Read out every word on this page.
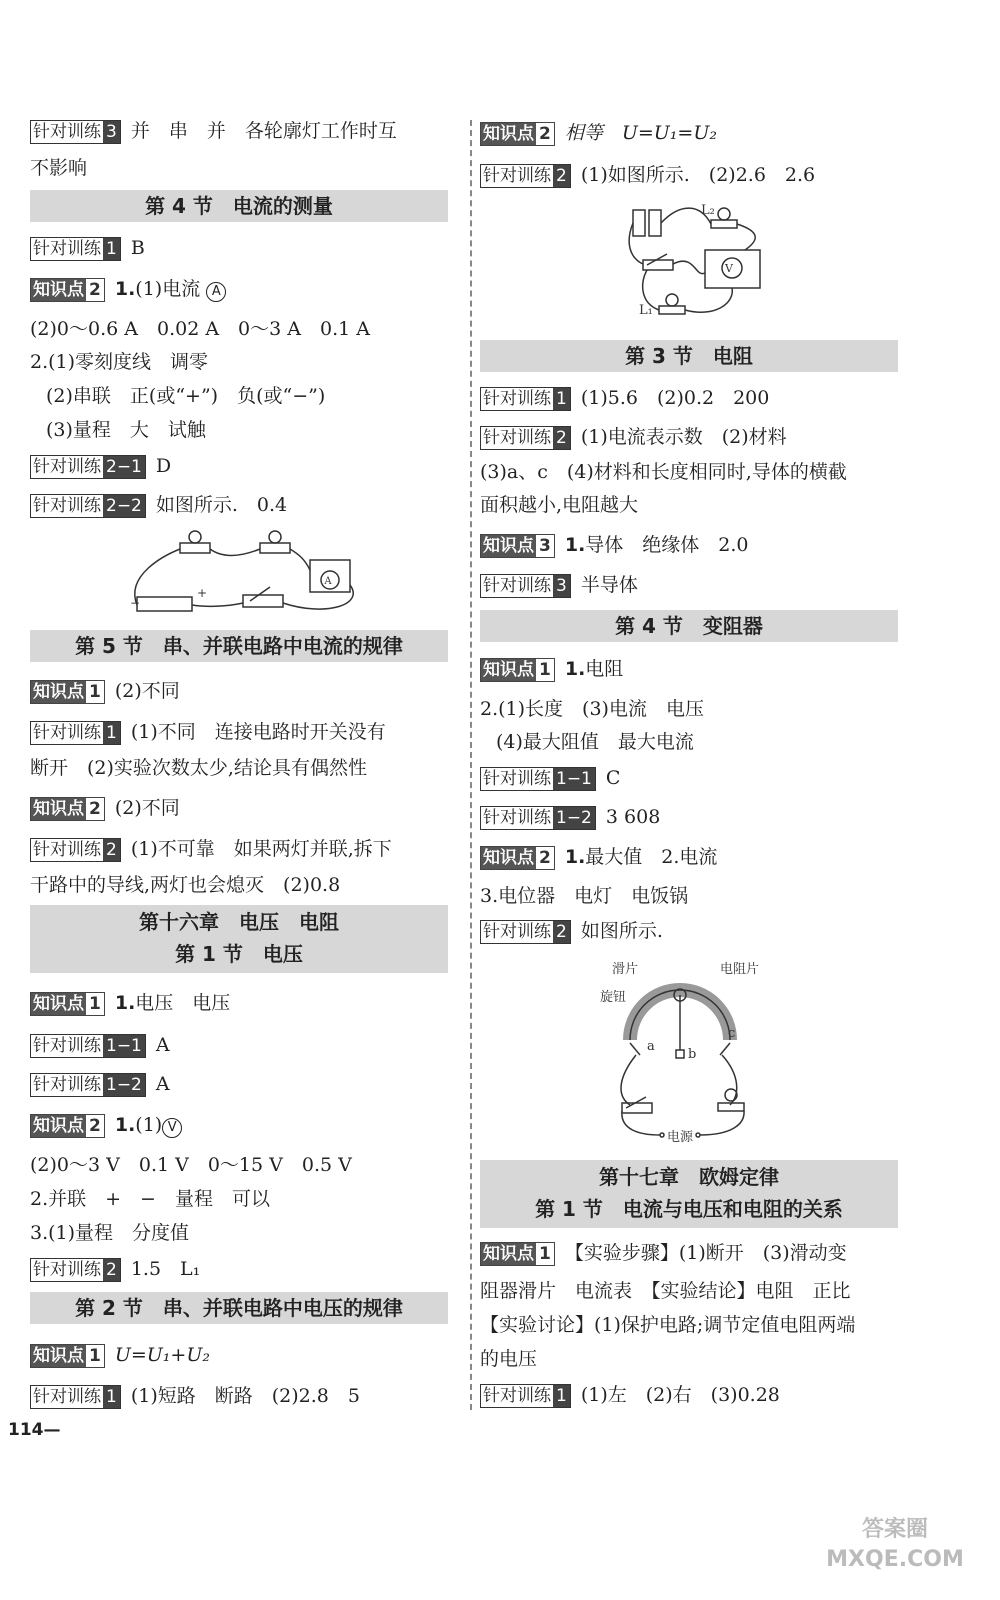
针对训练 3 并　串　并　各轮廓灯工作时互
不影响
第 4 节　电流的测量
针对训练 1 B
知识点 2 1.(1)电流 A
(2)0～0.6 A　0.02 A　0～3 A　0.1 A
2.(1)零刻度线　调零
(2)串联　正(或“+”)　负(或“−”)
(3)量程　大　试触
针对训练 2−1 D
针对训练 2−2 如图所示.　0.4
A
−
+
第 5 节　串、并联电路中电流的规律
知识点 1 (2)不同
针对训练 1 (1)不同　连接电路时开关没有
断开　(2)实验次数太少,结论具有偶然性
知识点 2 (2)不同
针对训练 2 (1)不可靠　如果两灯并联,拆下
干路中的导线,两灯也会熄灭　(2)0.8
第十六章　电压　电阻
第 1 节　电压
知识点 1 1.电压　电压
针对训练 1−1 A
针对训练 1−2 A
知识点 2 1.(1) V
(2)0～3 V　0.1 V　0～15 V　0.5 V
2.并联　+　−　量程　可以
3.(1)量程　分度值
针对训练 2 1.5　L₁
第 2 节　串、并联电路中电压的规律
知识点 1 U=U₁+U₂
针对训练 1 (1)短路　断路　(2)2.8　5
114—
知识点 2 相等　U=U₁=U₂
针对训练 2 (1)如图所示.　(2)2.6　2.6
V
L₂
L₁
第 3 节　电阻
针对训练 1 (1)5.6　(2)0.2　200
针对训练 2 (1)电流表示数　(2)材料
(3)a、c　(4)材料和长度相同时,导体的横截
面积越小,电阻越大
知识点 3 1.导体　绝缘体　2.0
针对训练 3 半导体
第 4 节　变阻器
知识点 1 1.电阻
2.(1)长度　(3)电流　电压
(4)最大阻值　最大电流
针对训练 1−1 C
针对训练 1−2 3 608
知识点 2 1.最大值　2.电流
3.电位器　电灯　电饭锅
针对训练 2 如图所示.
滑片	电阻片
旋钮
a
b
c
电源
第十七章　欧姆定律
第 1 节　电流与电压和电阻的关系
知识点 1 【实验步骤】(1)断开　(3)滑动变
阻器滑片　电流表　【实验结论】电阻　正比
【实验讨论】(1)保护电路;调节定值电阻两端
的电压
针对训练 1 (1)左　(2)右　(3)0.28
答案圈 MXQE.COM
